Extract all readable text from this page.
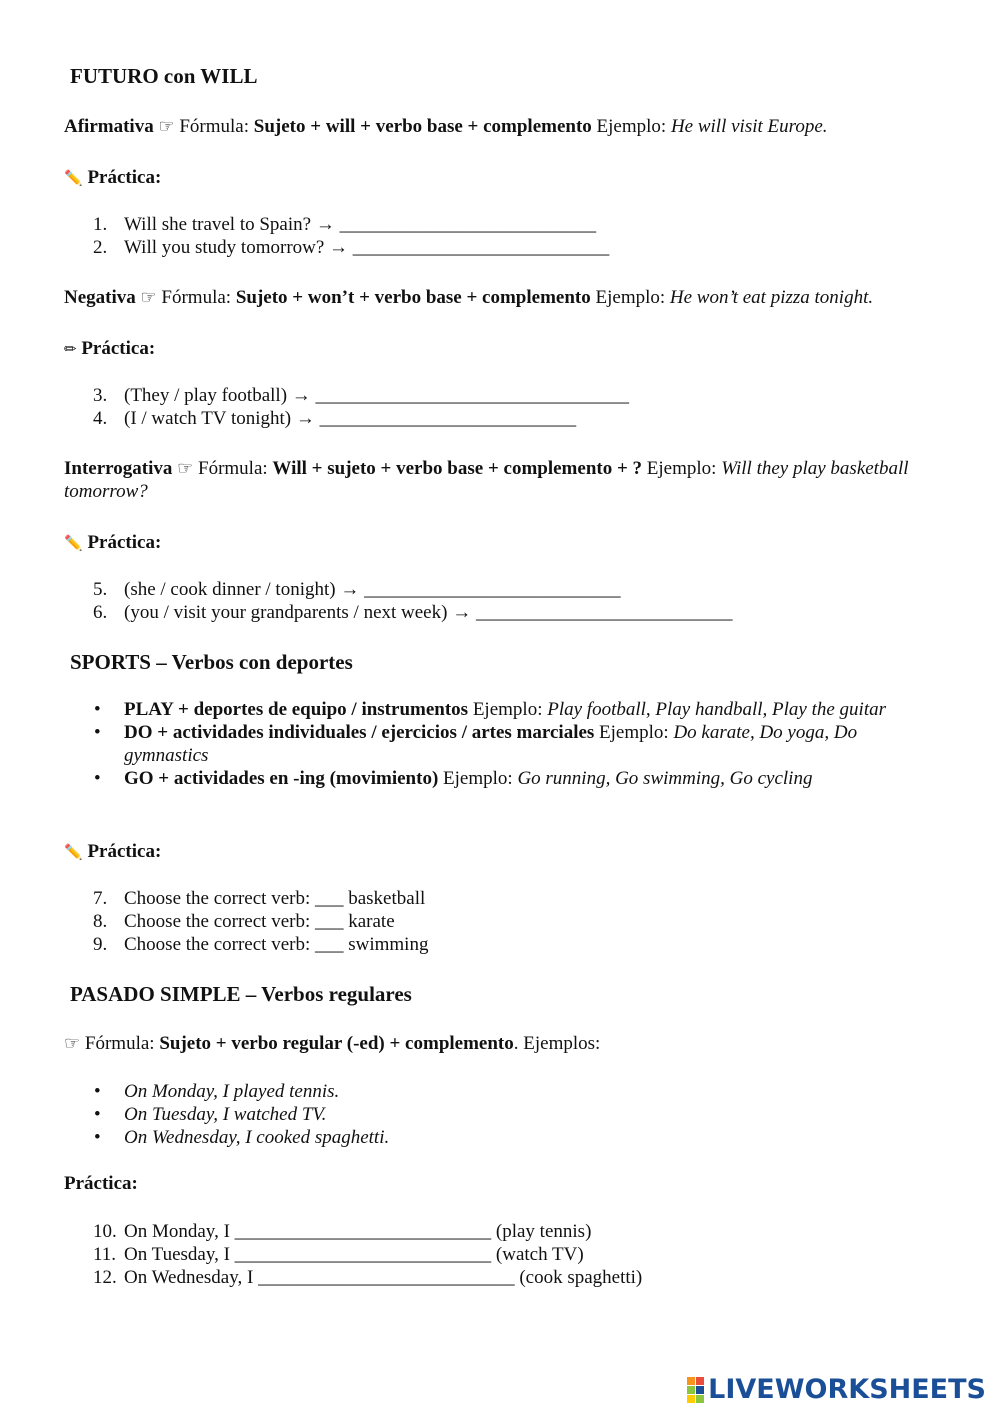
FUTURO con WILL
Afirmativa ☞ Fórmula: Sujeto + will + verbo base + complemento Ejemplo: He will visit Europe.
✏️ Práctica:
1. Will she travel to Spain? → ___________________________
2. Will you study tomorrow? → ___________________________
Negativa ☞ Fórmula: Sujeto + won’t + verbo base + complemento Ejemplo: He won’t eat pizza tonight.
✏ Práctica:
3. (They / play football) → _________________________________
4. (I / watch TV tonight) → ___________________________
Interrogativa ☞ Fórmula: Will + sujeto + verbo base + complemento + ? Ejemplo: Will they play basketball tomorrow?
✏️ Práctica:
5. (she / cook dinner / tonight) → ___________________________
6. (you / visit your grandparents / next week) → ___________________________
SPORTS – Verbos con deportes
• PLAY + deportes de equipo / instrumentos Ejemplo: Play football, Play handball, Play the guitar
• DO + actividades individuales / ejercicios / artes marciales Ejemplo: Do karate, Do yoga, Do gymnastics
• GO + actividades en -ing (movimiento) Ejemplo: Go running, Go swimming, Go cycling
✏️ Práctica:
7. Choose the correct verb: ___ basketball
8. Choose the correct verb: ___ karate
9. Choose the correct verb: ___ swimming
PASADO SIMPLE – Verbos regulares
☞ Fórmula: Sujeto + verbo regular (-ed) + complemento. Ejemplos:
• On Monday, I played tennis.
• On Tuesday, I watched TV.
• On Wednesday, I cooked spaghetti.
Práctica:
10. On Monday, I ___________________________ (play tennis)
11. On Tuesday, I ___________________________ (watch TV)
12. On Wednesday, I ___________________________ (cook spaghetti)
LIVEWORKSHEETS
